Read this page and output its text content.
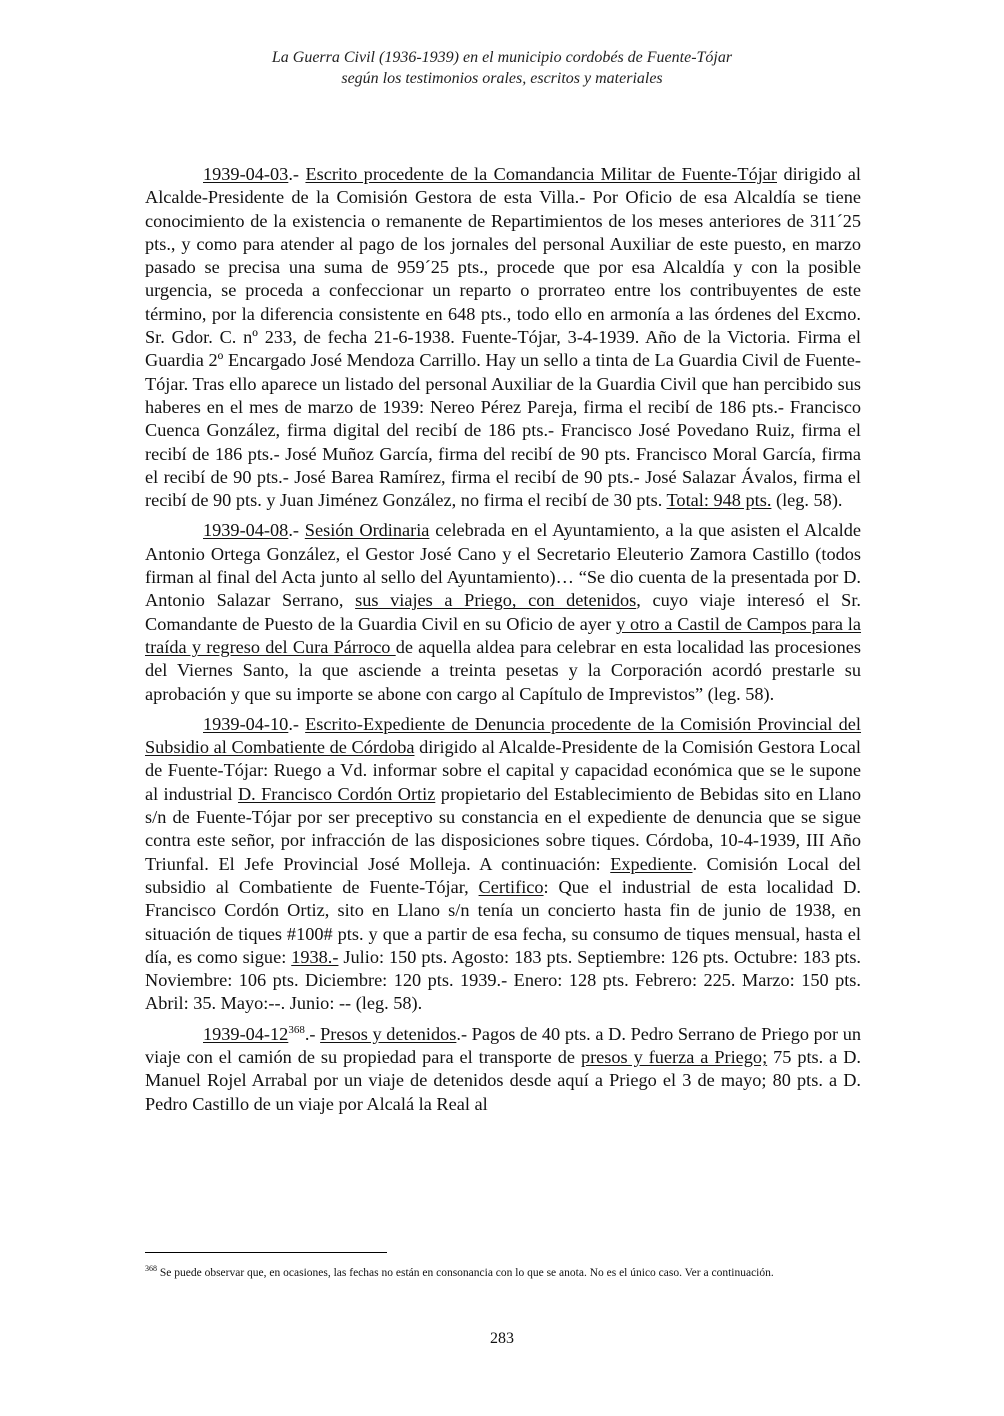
La Guerra Civil (1936-1939) en el municipio cordobés de Fuente-Tójar
según los testimonios orales, escritos y materiales

1939-04-03.- Escrito procedente de la Comandancia Militar de Fuente-Tójar dirigido al Alcalde-Presidente de la Comisión Gestora de esta Villa.- Por Oficio de esa Alcaldía se tiene conocimiento de la existencia o remanente de Repartimientos de los meses anteriores de 311´25 pts., y como para atender al pago de los jornales del personal Auxiliar de este puesto, en marzo pasado se precisa una suma de 959´25 pts., procede que por esa Alcaldía y con la posible urgencia, se proceda a confeccionar un reparto o prorrateo entre los contribuyentes de este término, por la diferencia consistente en 648 pts., todo ello en armonía a las órdenes del Excmo. Sr. Gdor. C. nº 233, de fecha 21-6-1938. Fuente-Tójar, 3-4-1939. Año de la Victoria. Firma el Guardia 2º Encargado José Mendoza Carrillo. Hay un sello a tinta de La Guardia Civil de Fuente-Tójar. Tras ello aparece un listado del personal Auxiliar de la Guardia Civil que han percibido sus haberes en el mes de marzo de 1939: Nereo Pérez Pareja, firma el recibí de 186 pts.- Francisco Cuenca González, firma digital del recibí de 186 pts.- Francisco José Povedano Ruiz, firma el recibí de 186 pts.- José Muñoz García, firma del recibí de 90 pts. Francisco Moral García, firma el recibí de 90 pts.- José Barea Ramírez, firma el recibí de 90 pts.- José Salazar Ávalos, firma el recibí de 90 pts. y Juan Jiménez González, no firma el recibí de 30 pts. Total: 948 pts. (leg. 58).

1939-04-08.- Sesión Ordinaria celebrada en el Ayuntamiento, a la que asisten el Alcalde Antonio Ortega González, el Gestor José Cano y el Secretario Eleuterio Zamora Castillo (todos firman al final del Acta junto al sello del Ayuntamiento)… “Se dio cuenta de la presentada por D. Antonio Salazar Serrano, sus viajes a Priego, con detenidos, cuyo viaje interesó el Sr. Comandante de Puesto de la Guardia Civil en su Oficio de ayer y otro a Castil de Campos para la traída y regreso del Cura Párroco de aquella aldea para celebrar en esta localidad las procesiones del Viernes Santo, la que asciende a treinta pesetas y la Corporación acordó prestarle su aprobación y que su importe se abone con cargo al Capítulo de Imprevistos” (leg. 58).

1939-04-10.- Escrito-Expediente de Denuncia procedente de la Comisión Provincial del Subsidio al Combatiente de Córdoba dirigido al Alcalde-Presidente de la Comisión Gestora Local de Fuente-Tójar: Ruego a Vd. informar sobre el capital y capacidad económica que se le supone al industrial D. Francisco Cordón Ortiz propietario del Establecimiento de Bebidas sito en Llano s/n de Fuente-Tójar por ser preceptivo su constancia en el expediente de denuncia que se sigue contra este señor, por infracción de las disposiciones sobre tiques. Córdoba, 10-4-1939, III Año Triunfal. El Jefe Provincial José Molleja. A continuación: Expediente. Comisión Local del subsidio al Combatiente de Fuente-Tójar, Certifico: Que el industrial de esta localidad D. Francisco Cordón Ortiz, sito en Llano s/n tenía un concierto hasta fin de junio de 1938, en situación de tiques #100# pts. y que a partir de esa fecha, su consumo de tiques mensual, hasta el día, es como sigue: 1938.- Julio: 150 pts. Agosto: 183 pts. Septiembre: 126 pts. Octubre: 183 pts. Noviembre: 106 pts. Diciembre: 120 pts. 1939.- Enero: 128 pts. Febrero: 225. Marzo: 150 pts. Abril: 35. Mayo:--. Junio: -- (leg. 58).

$1939-04-12^{368}.-$ Presos y detenidos.- Pagos de 40 pts. a D. Pedro Serrano de Priego por un viaje con el camión de su propiedad para el transporte de presos y fuerza a Priego; 75 pts. a D. Manuel Rojel Arrabal por un viaje de detenidos desde aquí a Priego el 3 de mayo; 80 pts. a D. Pedro Castillo de un viaje por Alcalá la Real al

$^{368}$ Se puede observar que, en ocasiones, las fechas no están en consonancia con lo que se anota. No es el único caso. Ver a continuación.
283
